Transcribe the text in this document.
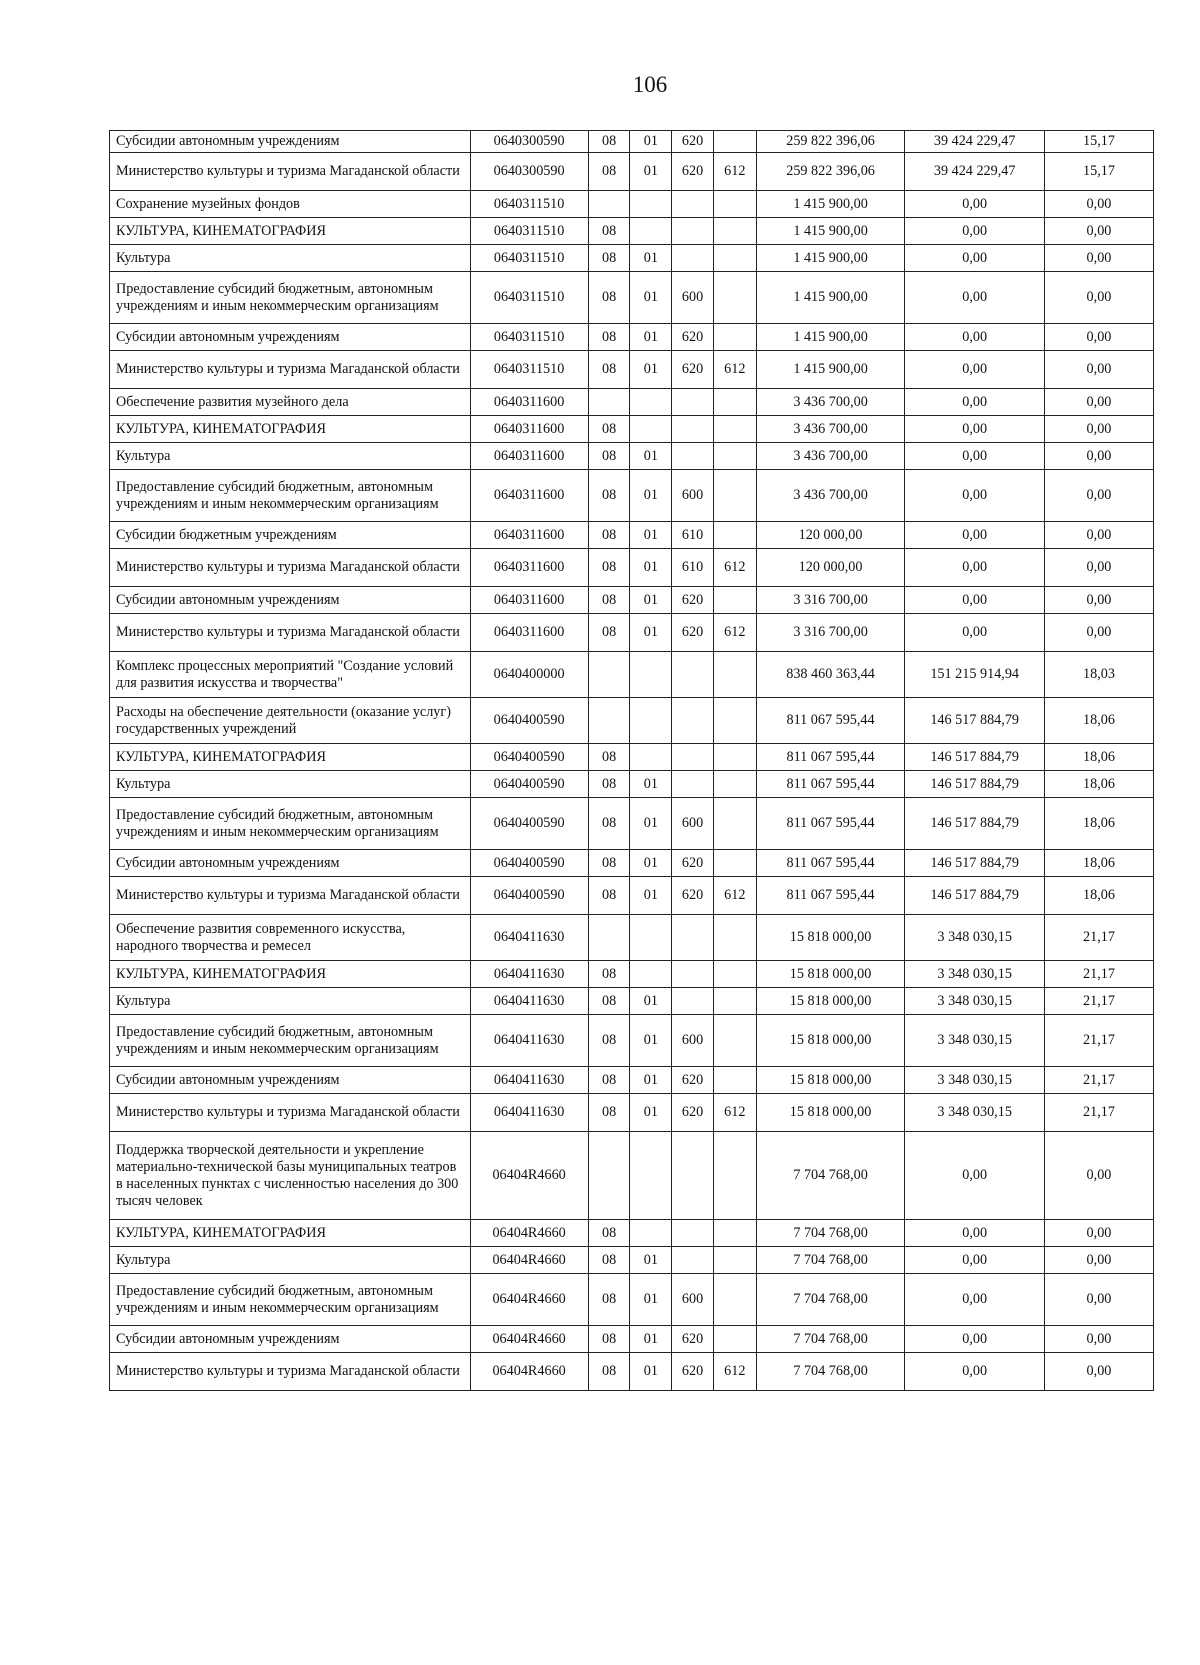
106
Субсидии автономным учреждениям	0640300590	08	01	620		259 822 396,06	39 424 229,47	15,17
Министерство культуры и туризма Магаданской области	0640300590	08	01	620	612	259 822 396,06	39 424 229,47	15,17
Сохранение музейных фондов	0640311510					1 415 900,00	0,00	0,00
КУЛЬТУРА, КИНЕМАТОГРАФИЯ	0640311510	08				1 415 900,00	0,00	0,00
Культура	0640311510	08	01			1 415 900,00	0,00	0,00
Предоставление субсидий бюджетным, автономным учреждениям и иным некоммерческим организациям	0640311510	08	01	600		1 415 900,00	0,00	0,00
Субсидии автономным учреждениям	0640311510	08	01	620		1 415 900,00	0,00	0,00
Министерство культуры и туризма Магаданской области	0640311510	08	01	620	612	1 415 900,00	0,00	0,00
Обеспечение развития музейного дела	0640311600					3 436 700,00	0,00	0,00
КУЛЬТУРА, КИНЕМАТОГРАФИЯ	0640311600	08				3 436 700,00	0,00	0,00
Культура	0640311600	08	01			3 436 700,00	0,00	0,00
Предоставление субсидий бюджетным, автономным учреждениям и иным некоммерческим организациям	0640311600	08	01	600		3 436 700,00	0,00	0,00
Субсидии бюджетным учреждениям	0640311600	08	01	610		120 000,00	0,00	0,00
Министерство культуры и туризма Магаданской области	0640311600	08	01	610	612	120 000,00	0,00	0,00
Субсидии автономным учреждениям	0640311600	08	01	620		3 316 700,00	0,00	0,00
Министерство культуры и туризма Магаданской области	0640311600	08	01	620	612	3 316 700,00	0,00	0,00
Комплекс процессных мероприятий "Создание условий для развития искусства и творчества"	0640400000					838 460 363,44	151 215 914,94	18,03
Расходы на обеспечение деятельности (оказание услуг) государственных учреждений	0640400590					811 067 595,44	146 517 884,79	18,06
КУЛЬТУРА, КИНЕМАТОГРАФИЯ	0640400590	08				811 067 595,44	146 517 884,79	18,06
Культура	0640400590	08	01			811 067 595,44	146 517 884,79	18,06
Предоставление субсидий бюджетным, автономным учреждениям и иным некоммерческим организациям	0640400590	08	01	600		811 067 595,44	146 517 884,79	18,06
Субсидии автономным учреждениям	0640400590	08	01	620		811 067 595,44	146 517 884,79	18,06
Министерство культуры и туризма Магаданской области	0640400590	08	01	620	612	811 067 595,44	146 517 884,79	18,06
Обеспечение развития современного искусства, народного творчества и ремесел	0640411630					15 818 000,00	3 348 030,15	21,17
КУЛЬТУРА, КИНЕМАТОГРАФИЯ	0640411630	08				15 818 000,00	3 348 030,15	21,17
Культура	0640411630	08	01			15 818 000,00	3 348 030,15	21,17
Предоставление субсидий бюджетным, автономным учреждениям и иным некоммерческим организациям	0640411630	08	01	600		15 818 000,00	3 348 030,15	21,17
Субсидии автономным учреждениям	0640411630	08	01	620		15 818 000,00	3 348 030,15	21,17
Министерство культуры и туризма Магаданской области	0640411630	08	01	620	612	15 818 000,00	3 348 030,15	21,17
Поддержка творческой деятельности и укрепление материально-технической базы муниципальных театров в населенных пунктах с численностью населения до 300 тысяч человек	06404R4660					7 704 768,00	0,00	0,00
КУЛЬТУРА, КИНЕМАТОГРАФИЯ	06404R4660	08				7 704 768,00	0,00	0,00
Культура	06404R4660	08	01			7 704 768,00	0,00	0,00
Предоставление субсидий бюджетным, автономным учреждениям и иным некоммерческим организациям	06404R4660	08	01	600		7 704 768,00	0,00	0,00
Субсидии автономным учреждениям	06404R4660	08	01	620		7 704 768,00	0,00	0,00
Министерство культуры и туризма Магаданской области	06404R4660	08	01	620	612	7 704 768,00	0,00	0,00
